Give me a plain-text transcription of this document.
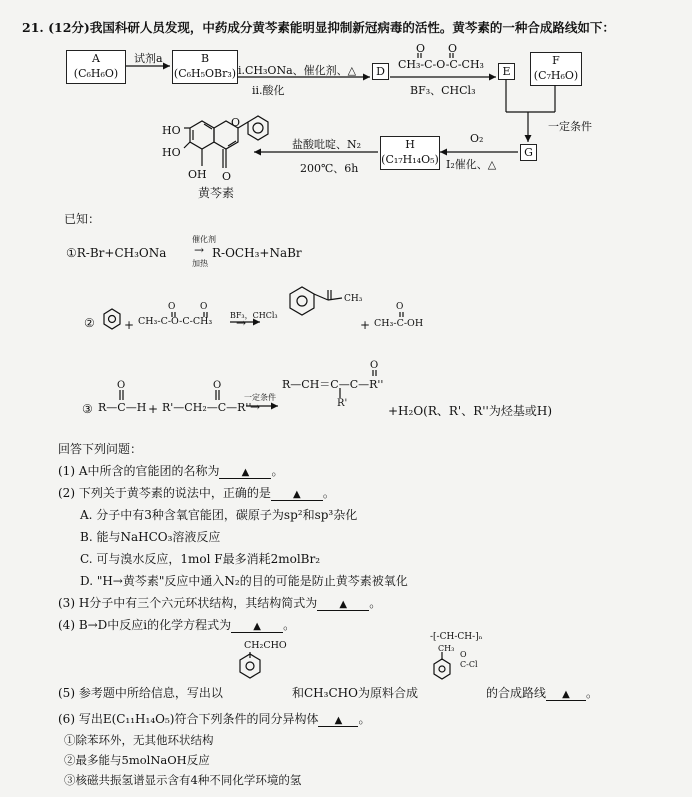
21. (12分)我国科研人员发现，中药成分黄芩素能明显抑制新冠病毒的活性。黄芩素的一种合成路线如下：
A
(C₆H₆O)
试剂a	B
(C₆H₅OBr₃) i.CH₃ONa、催化剂、△
ii.酸化
D
O O
CH₃-C-O-C-CH₃
BF₃、CHCl₃
E
F
(C₇H₆O)
一定条件
G
O₂
I₂催化、△
H
(C₁₇H₁₄O₅)
盐酸吡啶、N₂
200℃、6h
HO
HO
OH O
O
黄芩素
已知：
①R-Br+CH₃ONa
催化剂
→
加热
R-OCH₃+NaBr
② +
O	O
CH₃-C-O-C-CH₃
BF₃，CHCl₃
→
CH₃
+
O
CH₃-C-OH
③
O
R—C—H +
O
R'—CH₂—C—R''
一定条件
→
O
R—CH＝C—C—R''
R'
+H₂O(R、R'、R''为烃基或H)
回答下列问题：
(1) A中所含的官能团的名称为 ▲ 。
(2) 下列关于黄芩素的说法中，正确的是 ▲ 。
A. 分子中有3种含氧官能团，碳原子为sp²和sp³杂化
B. 能与NaHCO₃溶液反应
C. 可与溴水反应，1mol F最多消耗2molBr₂
D. "H→黄芩素"反应中通入N₂的目的可能是防止黄芩素被氧化
(3) H分子中有三个六元环状结构，其结构简式为 ▲ 。
(4) B→D中反应i的化学方程式为 ▲ 。
CH₂CHO
(5) 参考题中所给信息，写出以	和CH₃CHO为原料合成
-[-CH-CH-]ₙ
CH₃
O
C-Cl
的合成路线 ▲ 。
(6) 写出E(C₁₁H₁₄O₅)符合下列条件的同分异构体 ▲ 。
①除苯环外，无其他环状结构
②最多能与5molNaOH反应
③核磁共振氢谱显示含有4种不同化学环境的氢
